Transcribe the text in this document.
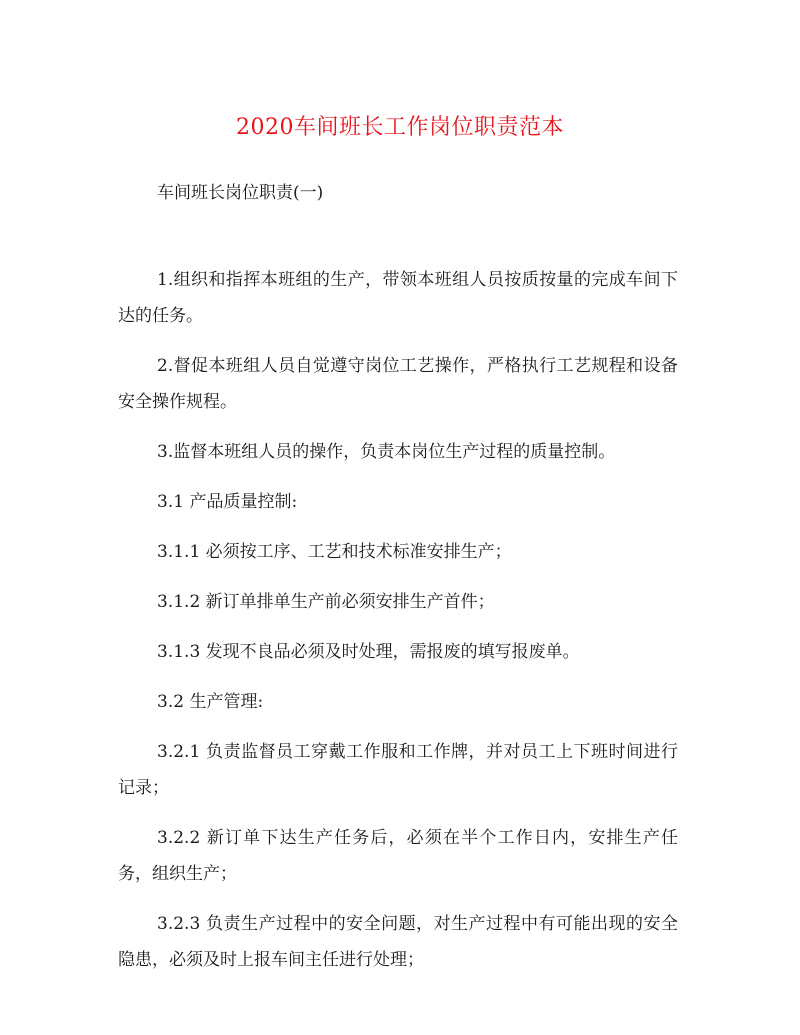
2020车间班长工作岗位职责范本
车间班长岗位职责(一)

1.组织和指挥本班组的生产，带领本班组人员按质按量的完成车间下达的任务。

2.督促本班组人员自觉遵守岗位工艺操作，严格执行工艺规程和设备安全操作规程。

3.监督本班组人员的操作，负责本岗位生产过程的质量控制。

3.1 产品质量控制:

3.1.1 必须按工序、工艺和技术标准安排生产；

3.1.2 新订单排单生产前必须安排生产首件；

3.1.3 发现不良品必须及时处理，需报废的填写报废单。

3.2 生产管理:

3.2.1 负责监督员工穿戴工作服和工作牌，并对员工上下班时间进行记录；

3.2.2 新订单下达生产任务后，必须在半个工作日内，安排生产任务，组织生产；

3.2.3 负责生产过程中的安全问题，对生产过程中有可能出现的安全隐患，必须及时上报车间主任进行处理；
